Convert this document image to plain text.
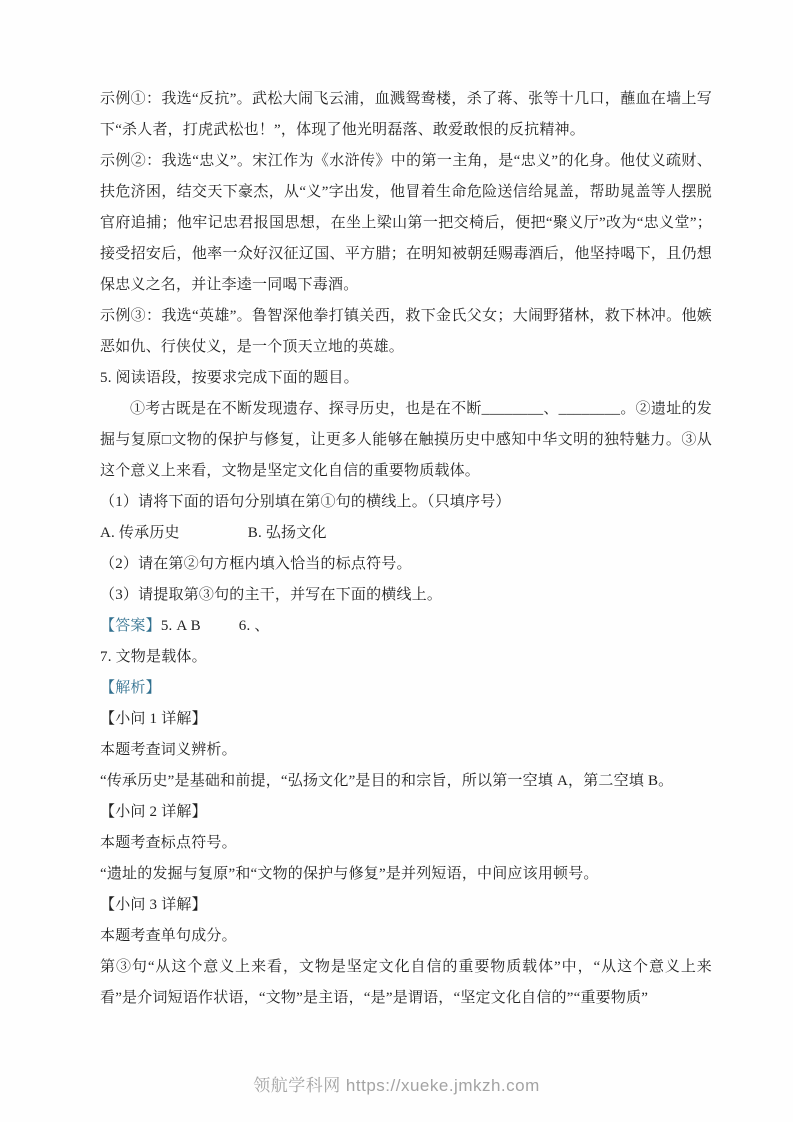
示例①：我选“反抗”。武松大闹飞云浦，血溅鸳鸯楼，杀了蒋、张等十几口，蘸血在墙上写下“杀人者，打虎武松也！”，体现了他光明磊落、敢爱敢恨的反抗精神。

示例②：我选“忠义”。宋江作为《水浒传》中的第一主角，是“忠义”的化身。他仗义疏财、扶危济困，结交天下豪杰，从“义”字出发，他冒着生命危险送信给晁盖，帮助晁盖等人摆脱官府追捕；他牢记忠君报国思想，在坐上梁山第一把交椅后，便把“聚义厅”改为“忠义堂”；接受招安后，他率一众好汉征辽国、平方腊；在明知被朝廷赐毒酒后，他坚持喝下，且仍想保忠义之名，并让李逵一同喝下毒酒。

示例③：我选“英雄”。鲁智深他拳打镇关西，救下金氏父女；大闹野猪林，救下林冲。他嫉恶如仇、行侠仗义，是一个顶天立地的英雄。

5. 阅读语段，按要求完成下面的题目。

①考古既是在不断发现遗存、探寻历史，也是在不断________、________。②遗址的发掘与复原□文物的保护与修复，让更多人能够在触摸历史中感知中华文明的独特魅力。③从这个意义上来看，文物是坚定文化自信的重要物质载体。

（1）请将下面的语句分别填在第①句的横线上。（只填序号）

A. 传承历史	B. 弘扬文化

（2）请在第②句方框内填入恰当的标点符号。

（3）请提取第③句的主干，并写在下面的横线上。

【答案】5. A B	6. 、

7. 文物是载体。

【解析】

【小问 1 详解】

本题考查词义辨析。

“传承历史”是基础和前提，“弘扬文化”是目的和宗旨，所以第一空填 A，第二空填 B。

【小问 2 详解】

本题考查标点符号。

“遗址的发掘与复原”和“文物的保护与修复”是并列短语，中间应该用顿号。

【小问 3 详解】

本题考查单句成分。

第③句“从这个意义上来看，文物是坚定文化自信的重要物质载体”中，“从这个意义上来看”是介词短语作状语，“文物”是主语，“是”是谓语，“坚定文化自信的”“重要物质”

领航学科网 https://xueke.jmkzh.com
